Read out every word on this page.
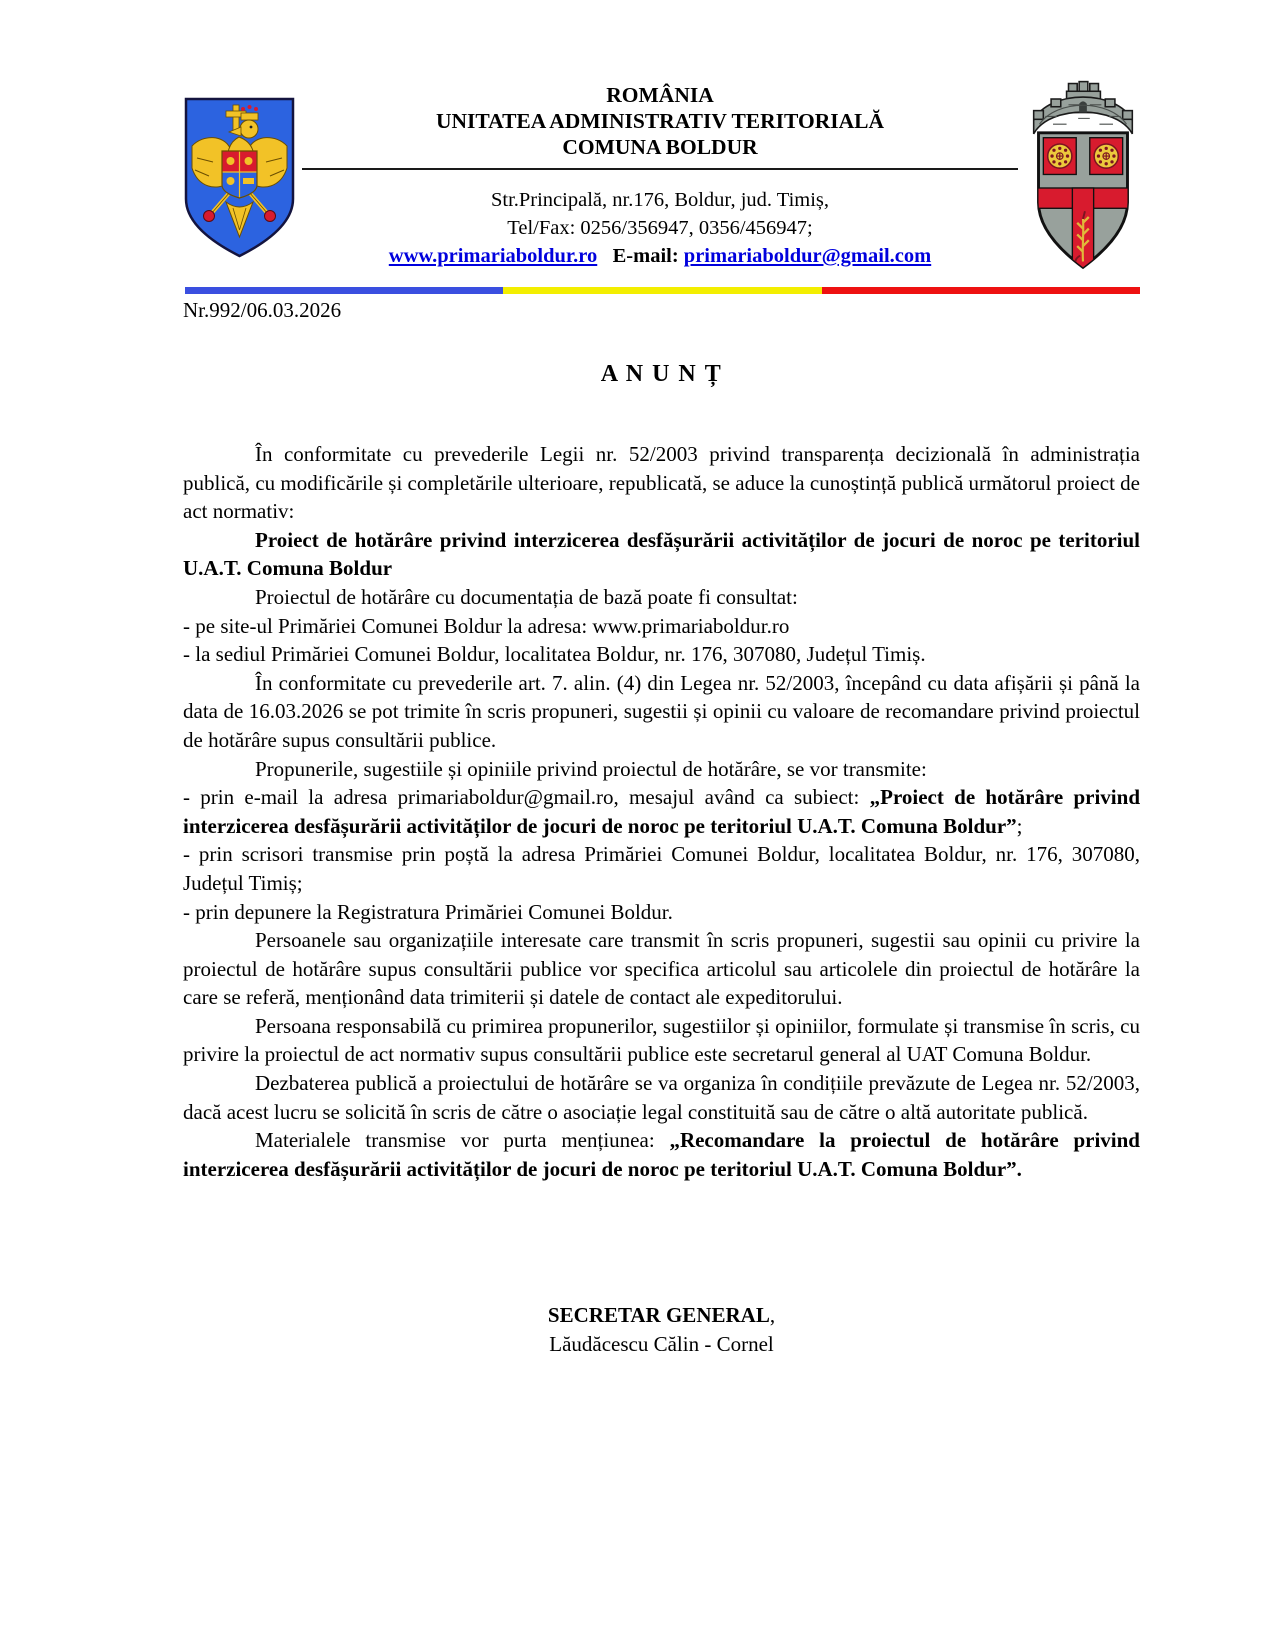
ROMÂNIA
UNITATEA ADMINISTRATIV TERITORIALĂ
COMUNA BOLDUR
Str.Principală, nr.176, Boldur, jud. Timiș,
Tel/Fax: 0256/356947, 0356/456947;
www.primariaboldur.ro E-mail: primariaboldur@gmail.com
Nr.992/06.03.2026
A N U N Ț

În conformitate cu prevederile Legii nr. 52/2003 privind transparența decizională în administrația publică, cu modificările și completările ulterioare, republicată, se aduce la cunoștință publică următorul proiect de act normativ:

Proiect de hotărâre privind interzicerea desfășurării activităților de jocuri de noroc pe teritoriul U.A.T. Comuna Boldur

Proiectul de hotărâre cu documentația de bază poate fi consultat:

- pe site-ul Primăriei Comunei Boldur la adresa: www.primariaboldur.ro

- la sediul Primăriei Comunei Boldur, localitatea Boldur, nr. 176, 307080, Județul Timiș.

În conformitate cu prevederile art. 7. alin. (4) din Legea nr. 52/2003, începând cu data afișării și până la data de 16.03.2026 se pot trimite în scris propuneri, sugestii și opinii cu valoare de recomandare privind proiectul de hotărâre supus consultării publice.

Propunerile, sugestiile și opiniile privind proiectul de hotărâre, se vor transmite:

- prin e-mail la adresa primariaboldur@gmail.ro, mesajul având ca subiect: „Proiect de hotărâre privind interzicerea desfășurării activităților de jocuri de noroc pe teritoriul U.A.T. Comuna Boldur”;

- prin scrisori transmise prin poștă la adresa Primăriei Comunei Boldur, localitatea Boldur, nr. 176, 307080, Județul Timiș;

- prin depunere la Registratura Primăriei Comunei Boldur.

Persoanele sau organizațiile interesate care transmit în scris propuneri, sugestii sau opinii cu privire la proiectul de hotărâre supus consultării publice vor specifica articolul sau articolele din proiectul de hotărâre la care se referă, menționând data trimiterii și datele de contact ale expeditorului.

Persoana responsabilă cu primirea propunerilor, sugestiilor și opiniilor, formulate și transmise în scris, cu privire la proiectul de act normativ supus consultării publice este secretarul general al UAT Comuna Boldur.

Dezbaterea publică a proiectului de hotărâre se va organiza în condițiile prevăzute de Legea nr. 52/2003, dacă acest lucru se solicită în scris de către o asociație legal constituită sau de către o altă autoritate publică.

Materialele transmise vor purta mențiunea: „Recomandare la proiectul de hotărâre privind interzicerea desfășurării activităților de jocuri de noroc pe teritoriul U.A.T. Comuna Boldur”.

SECRETAR GENERAL,
Lăudăcescu Călin - Cornel
